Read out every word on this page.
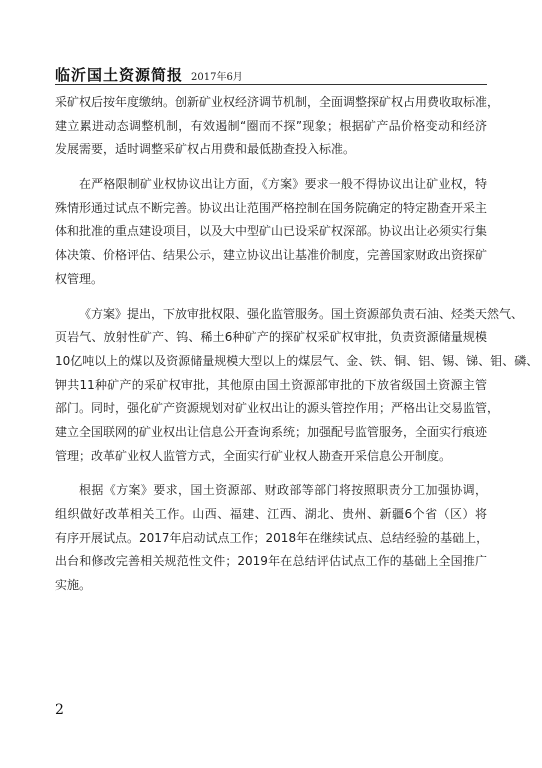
临沂国土资源简报 2017年6月
采矿权后按年度缴纳。创新矿业权经济调节机制，全面调整探矿权占用费收取标准，
建立累进动态调整机制，有效遏制“圈而不探”现象；根据矿产品价格变动和经济
发展需要，适时调整采矿权占用费和最低勘查投入标准。
在严格限制矿业权协议出让方面，《方案》要求一般不得协议出让矿业权，特
殊情形通过试点不断完善。协议出让范围严格控制在国务院确定的特定勘查开采主
体和批准的重点建设项目，以及大中型矿山已设采矿权深部。协议出让必须实行集
体决策、价格评估、结果公示，建立协议出让基准价制度，完善国家财政出资探矿
权管理。
《方案》提出，下放审批权限、强化监管服务。国土资源部负责石油、烃类天然气、
页岩气、放射性矿产、钨、稀土6种矿产的探矿权采矿权审批，负责资源储量规模
10亿吨以上的煤以及资源储量规模大型以上的煤层气、金、铁、铜、铝、锡、锑、钼、磷、
钾共11种矿产的采矿权审批，其他原由国土资源部审批的下放省级国土资源主管
部门。同时，强化矿产资源规划对矿业权出让的源头管控作用；严格出让交易监管，
建立全国联网的矿业权出让信息公开查询系统；加强配号监管服务，全面实行痕迹
管理；改革矿业权人监管方式，全面实行矿业权人勘查开采信息公开制度。
根据《方案》要求，国土资源部、财政部等部门将按照职责分工加强协调，
组织做好改革相关工作。山西、福建、江西、湖北、贵州、新疆6个省（区）将
有序开展试点。2017年启动试点工作；2018年在继续试点、总结经验的基础上，
出台和修改完善相关规范性文件；2019年在总结评估试点工作的基础上全国推广
实施。
2
